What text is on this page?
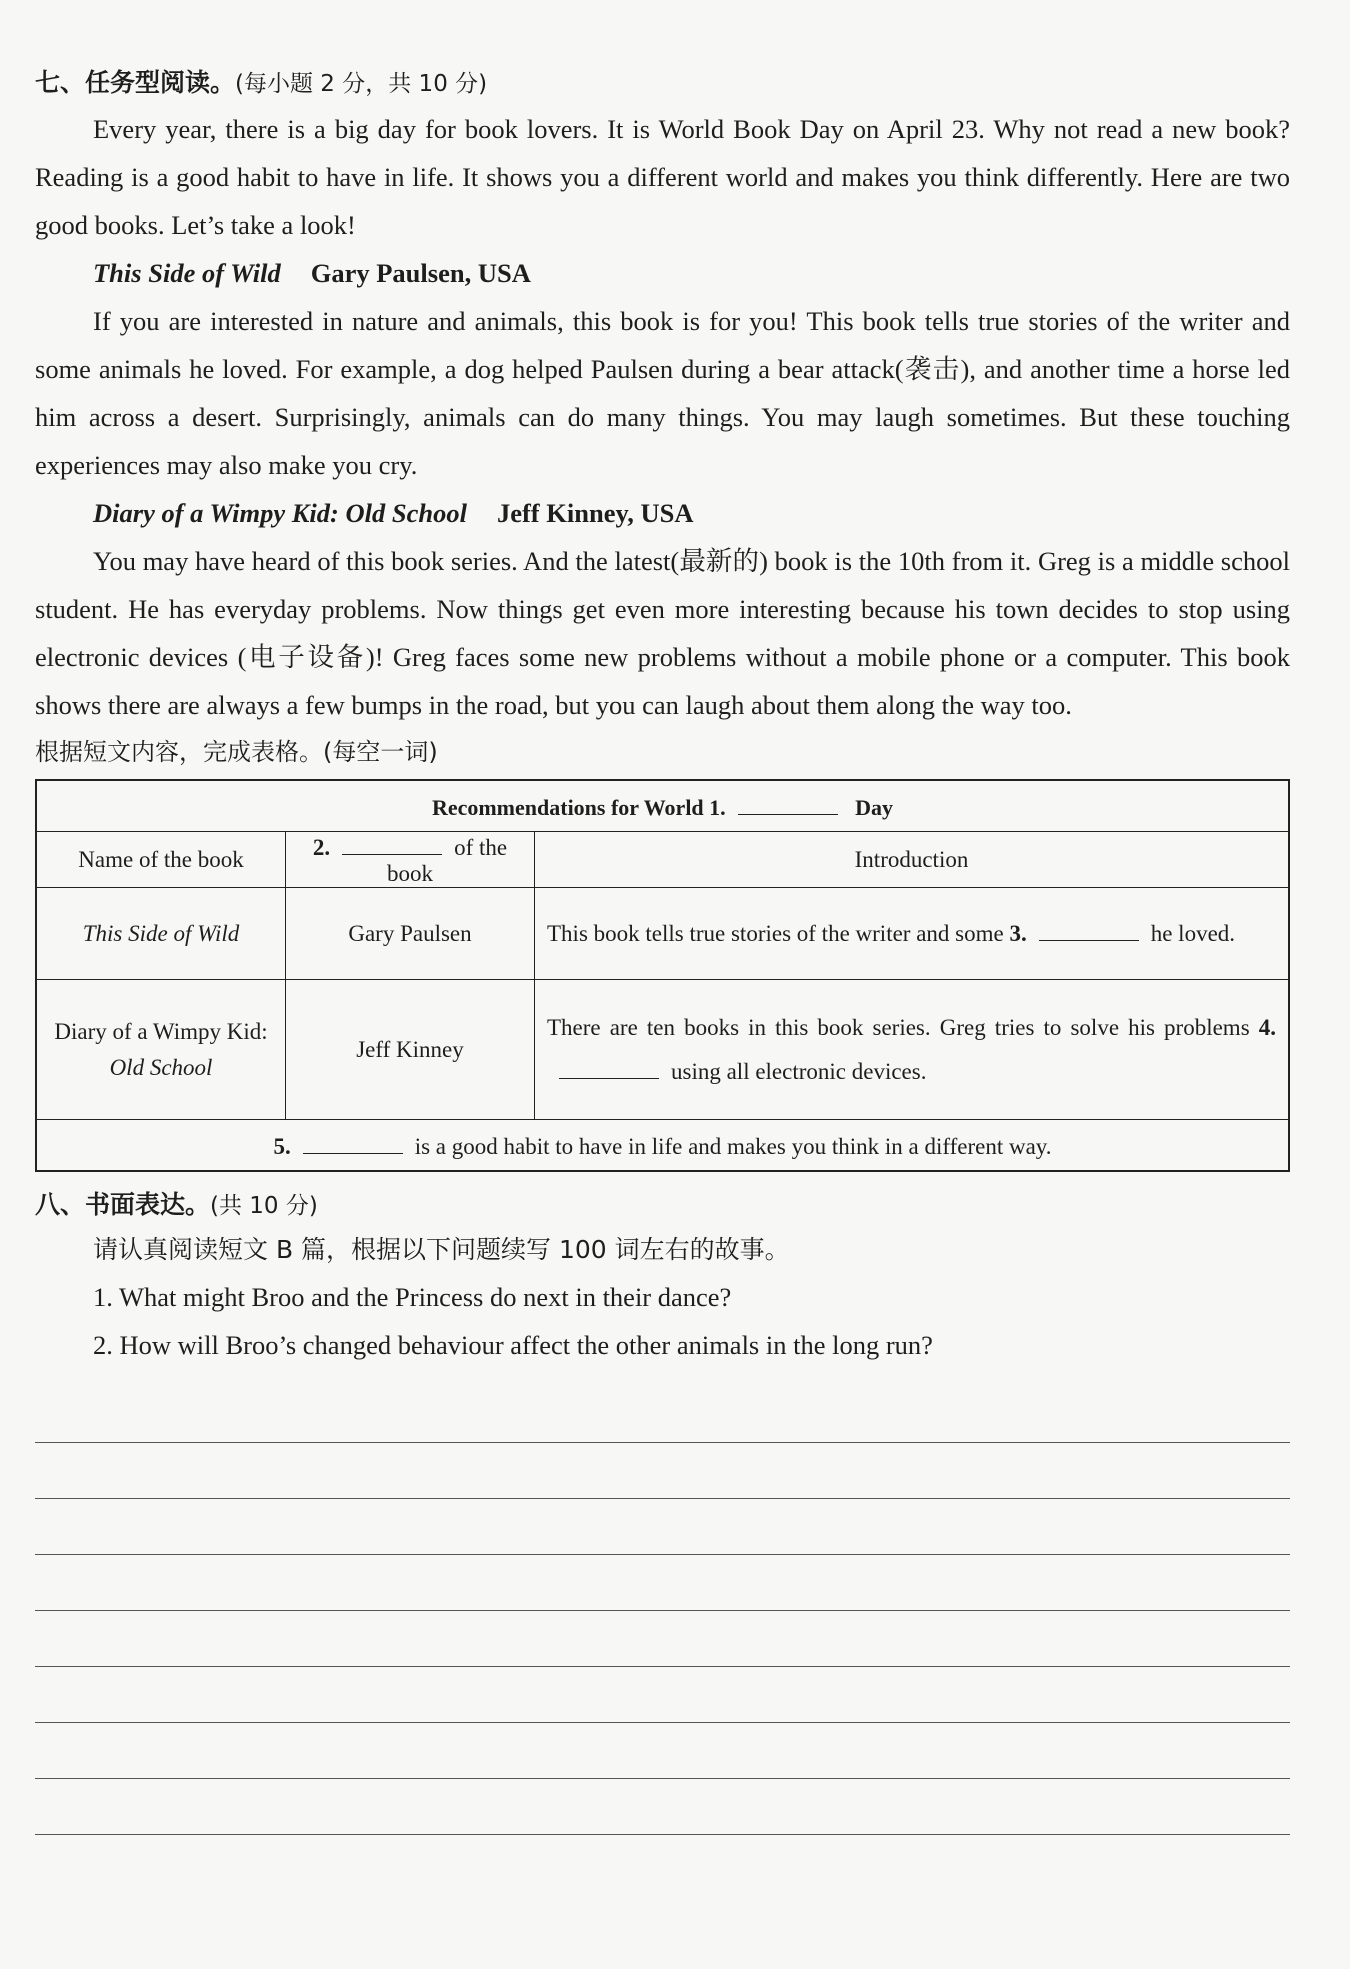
七、任务型阅读。(每小题 2 分，共 10 分)

Every year, there is a big day for book lovers. It is World Book Day on April 23. Why not read a new book? Reading is a good habit to have in life. It shows you a different world and makes you think differently. Here are two good books. Let’s take a look!

This Side of Wild Gary Paulsen, USA

If you are interested in nature and animals, this book is for you! This book tells true stories of the writer and some animals he loved. For example, a dog helped Paulsen during a bear attack(袭击), and another time a horse led him across a desert. Surprisingly, animals can do many things. You may laugh sometimes. But these touching experiences may also make you cry.

Diary of a Wimpy Kid: Old School Jeff Kinney, USA

You may have heard of this book series. And the latest(最新的) book is the 10th from it. Greg is a middle school student. He has everyday problems. Now things get even more interesting because his town decides to stop using electronic devices (电子设备)! Greg faces some new problems without a mobile phone or a computer. This book shows there are always a few bumps in the road, but you can laugh about them along the way too.

根据短文内容，完成表格。(每空一词)

Recommendations for World 1. Day		
Name of the book	2. of the book	Introduction
This Side of Wild	Gary Paulsen	This book tells true stories of the writer and some 3. he loved.
Diary of a Wimpy Kid:
Old School	Jeff Kinney	There are ten books in this book series. Greg tries to solve his problems 4.using all electronic devices.
5. is a good habit to have in life and makes you think in a different way.		

八、书面表达。(共 10 分)

请认真阅读短文 B 篇，根据以下问题续写 100 词左右的故事。

1. What might Broo and the Princess do next in their dance?

2. How will Broo’s changed behaviour affect the other animals in the long run?
